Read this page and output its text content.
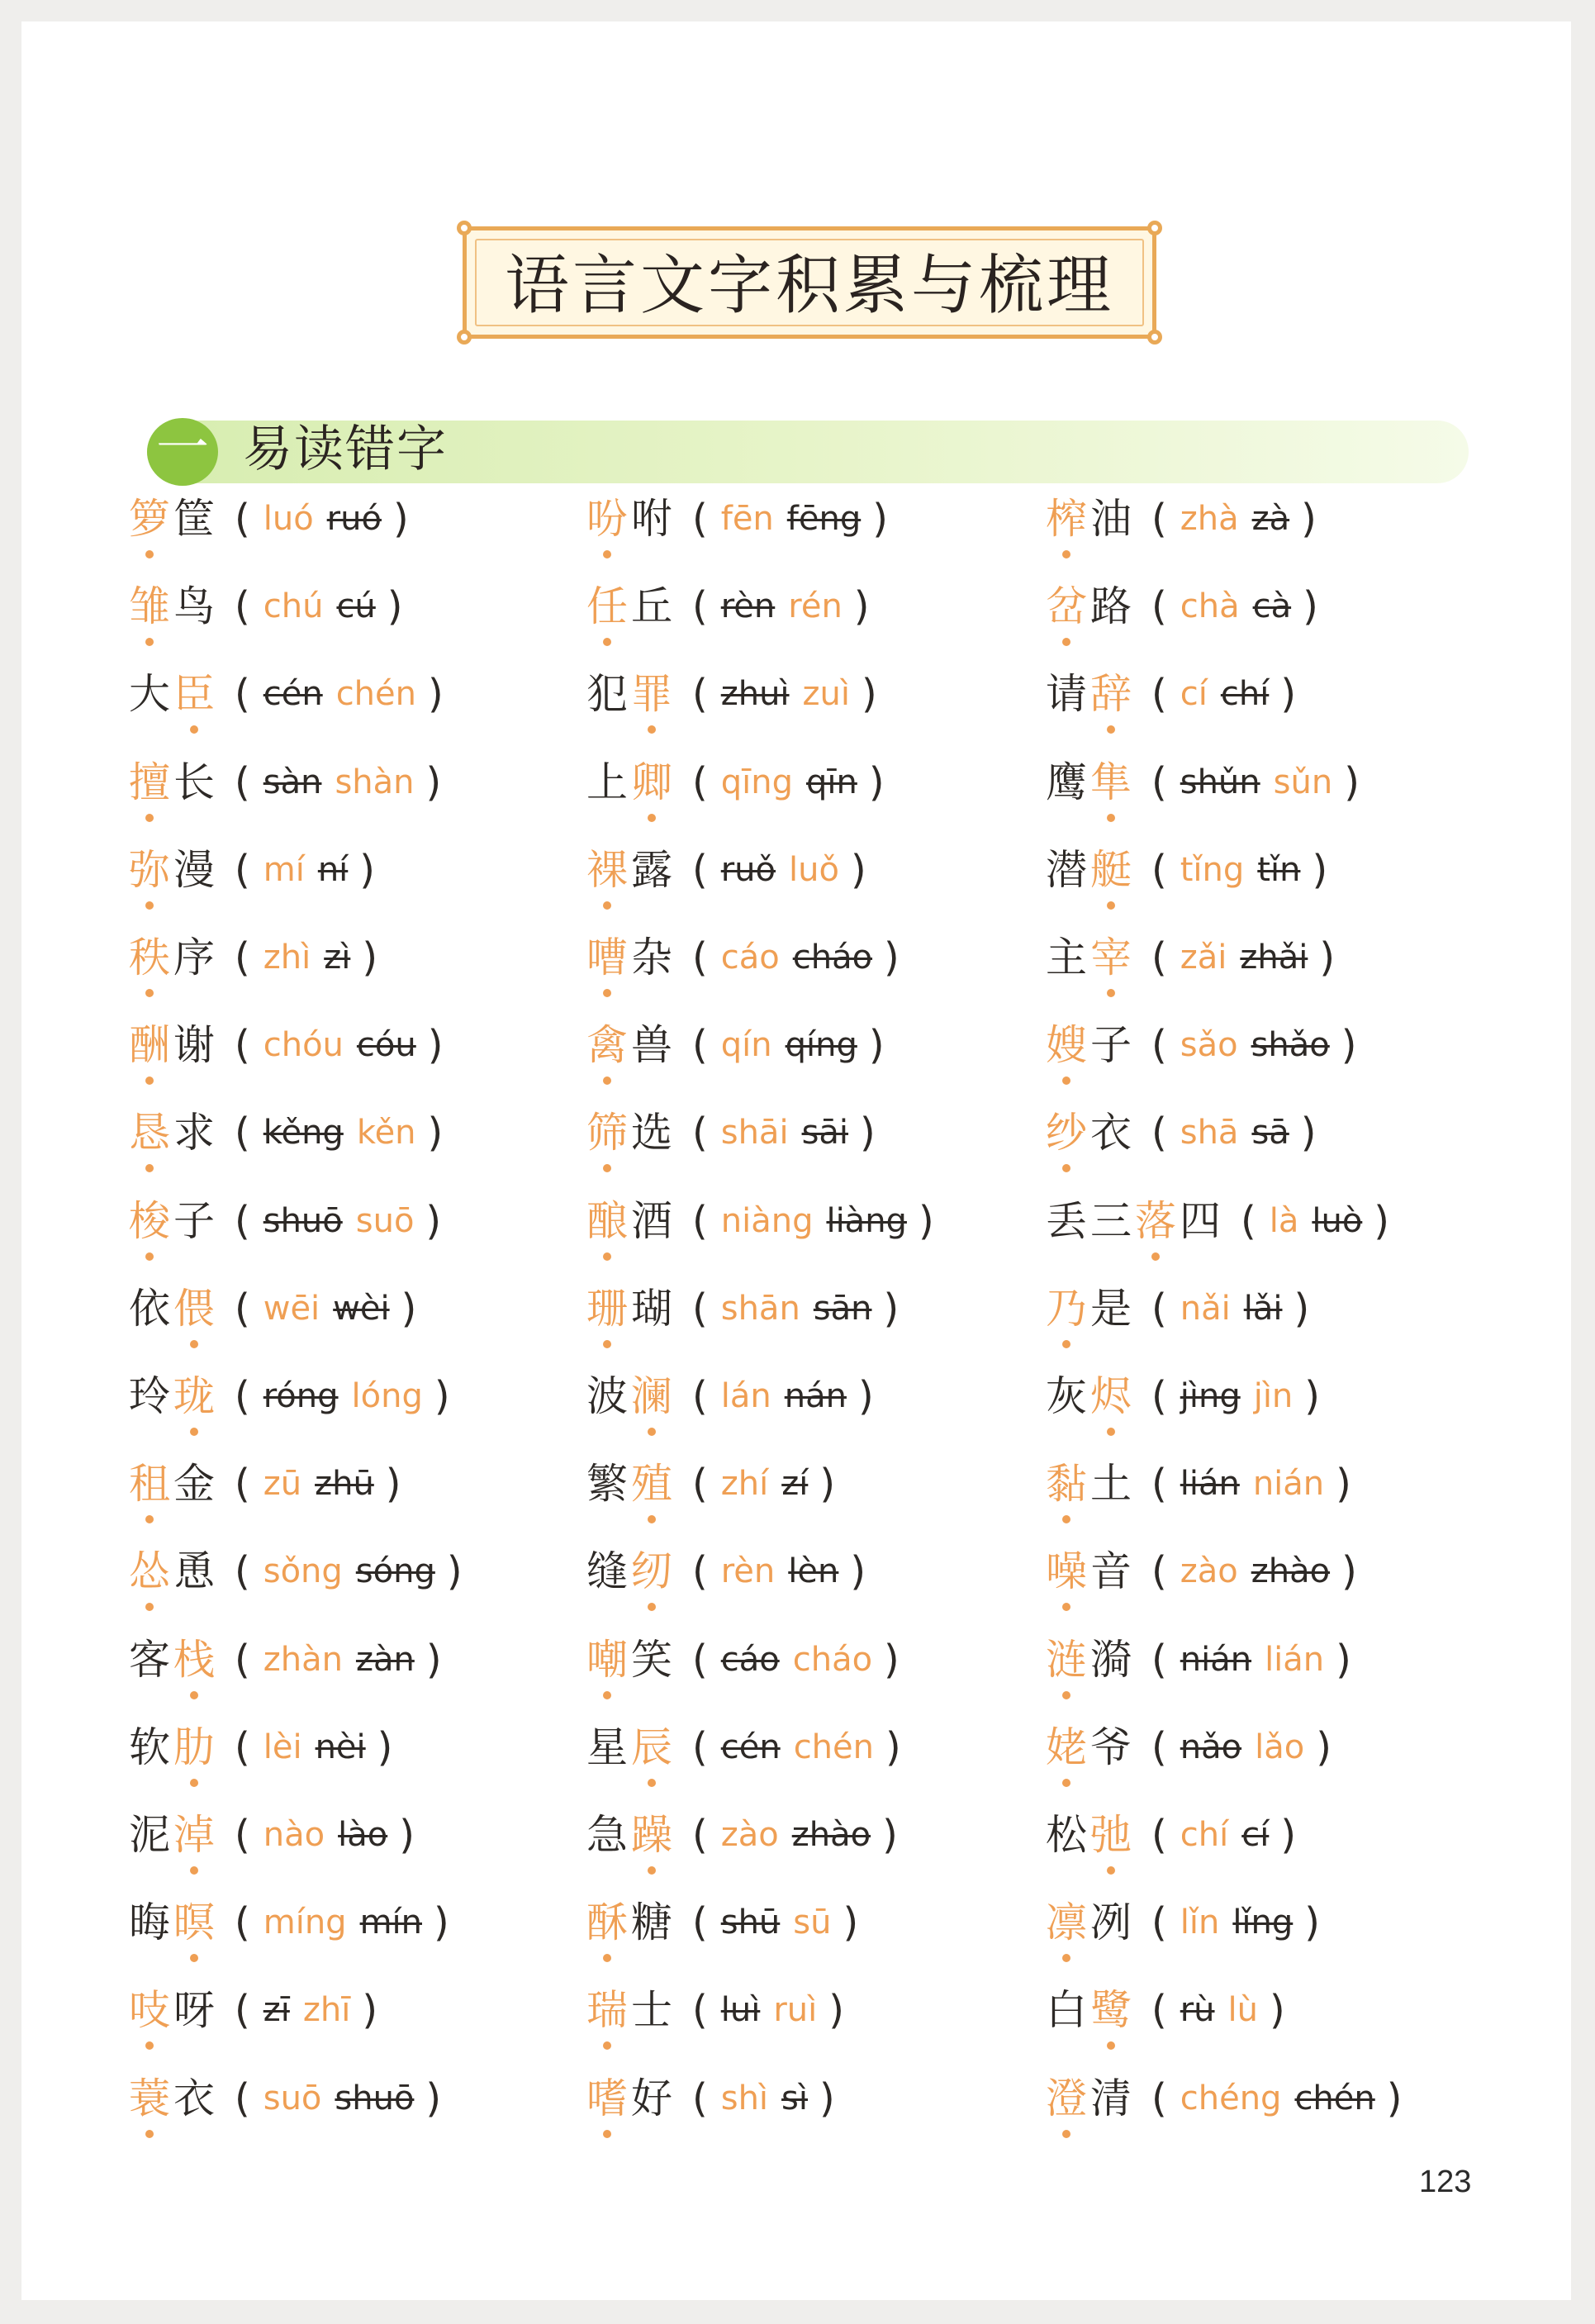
语言文字积累与梳理
一 易读错字
箩筐 ( luó ruó )
雏鸟 ( chú cú )
大臣 ( cén chén )
擅长 ( sàn shàn )
弥漫 ( mí ní )
秩序 ( zhì zì )
酬谢 ( chóu cóu )
恳求 ( kěng kěn )
梭子 ( shuō suō )
依偎 ( wēi wèi )
玲珑 ( róng lóng )
租金 ( zū zhū )
怂恿 ( sǒng sóng )
客栈 ( zhàn zàn )
软肋 ( lèi nèi )
泥淖 ( nào lào )
晦暝 ( míng mín )
吱呀 ( zī zhī )
蓑衣 ( suō shuō )
吩咐 ( fēn fēng )
任丘 ( rèn rén )
犯罪 ( zhuì zuì )
上卿 ( qīng qīn )
裸露 ( ruǒ luǒ )
嘈杂 ( cáo cháo )
禽兽 ( qín qíng )
筛选 ( shāi sāi )
酿酒 ( niàng liàng )
珊瑚 ( shān sān )
波澜 ( lán nán )
繁殖 ( zhí zí )
缝纫 ( rèn lèn )
嘲笑 ( cáo cháo )
星辰 ( cén chén )
急躁 ( zào zhào )
酥糖 ( shū sū )
瑞士 ( luì ruì )
嗜好 ( shì sì )
榨油 ( zhà zà )
岔路 ( chà cà )
请辞 ( cí chí )
鹰隼 ( shǔn sǔn )
潜艇 ( tǐng tǐn )
主宰 ( zǎi zhǎi )
嫂子 ( sǎo shǎo )
纱衣 ( shā sā )
丢三落四 ( là luò )
乃是 ( nǎi lǎi )
灰烬 ( jìng jìn )
黏土 ( lián nián )
噪音 ( zào zhào )
涟漪 ( nián lián )
姥爷 ( nǎo lǎo )
松弛 ( chí cí )
凛冽 ( lǐn lǐng )
白鹭 ( rù lù )
澄清 ( chéng chén )
123
